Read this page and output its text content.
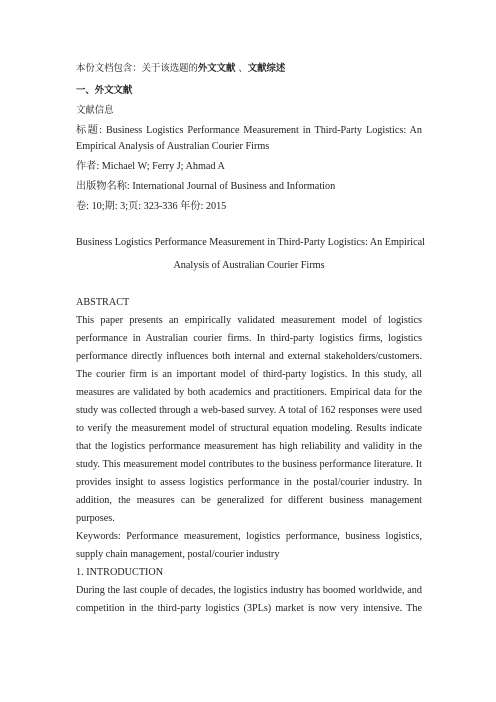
本份文档包含：关于该选题的外文文献 、文献综述

一、外文文献

文献信息

标题: Business Logistics Performance Measurement in Third-Party Logistics: An

Empirical Analysis of Australian Courier Firms

作者: Michael W; Ferry J; Ahmad A

出版物名称: International Journal of Business and Information

卷: 10;期: 3;页: 323-336 年份: 2015

Business Logistics Performance Measurement in Third-Party Logistics: An Empirical

Analysis of Australian Courier Firms

ABSTRACT

This paper presents an empirically validated measurement model of logistics

performance in Australian courier firms. In third-party logistics firms, logistics

performance directly influences both internal and external stakeholders/customers.

The courier firm is an important model of third-party logistics. In this study, all

measures are validated by both academics and practitioners. Empirical data for the

study was collected through a web-based survey. A total of 162 responses were used

to verify the measurement model of structural equation modeling. Results indicate

that the logistics performance measurement has high reliability and validity in the

study. This measurement model contributes to the business performance literature. It

provides insight to assess logistics performance in the postal/courier industry. In

addition, the measures can be generalized for different business management

purposes.

Keywords: Performance measurement, logistics performance, business logistics,

supply chain management, postal/courier industry

1. INTRODUCTION

During the last couple of decades, the logistics industry has boomed worldwide, and

competition in the third-party logistics (3PLs) market is now very intensive. The
